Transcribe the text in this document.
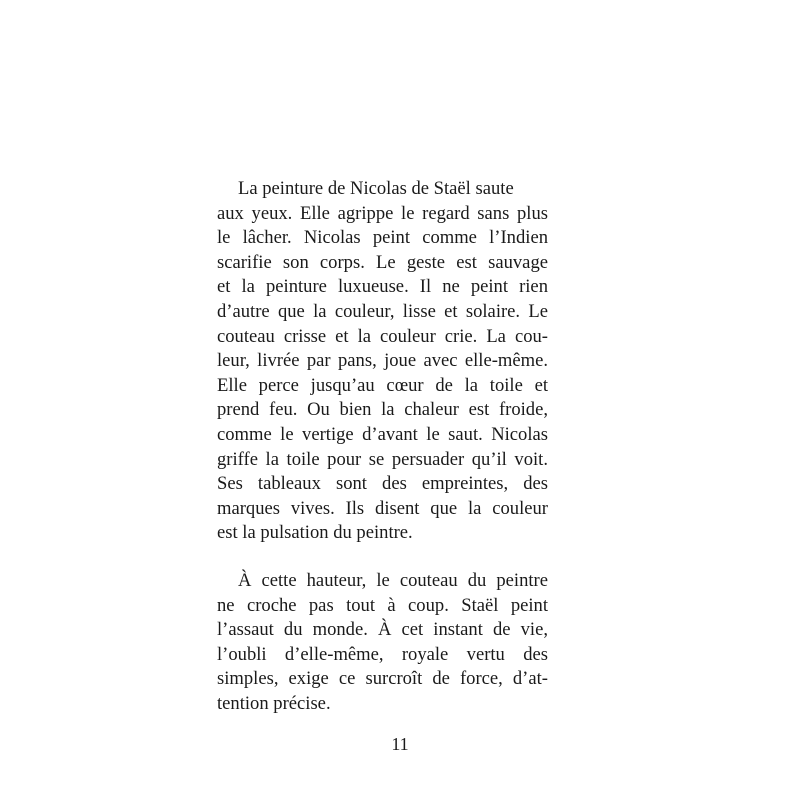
La peinture de Nicolas de Staël saute
aux yeux. Elle agrippe le regard sans plus
le lâcher. Nicolas peint comme l’Indien
scarifie son corps. Le geste est sauvage
et la peinture luxueuse. Il ne peint rien
d’autre que la couleur, lisse et solaire. Le
couteau crisse et la couleur crie. La cou-
leur, livrée par pans, joue avec elle-même.
Elle perce jusqu’au cœur de la toile et
prend feu. Ou bien la chaleur est froide,
comme le vertige d’avant le saut. Nicolas
griffe la toile pour se persuader qu’il voit.
Ses tableaux sont des empreintes, des
marques vives. Ils disent que la couleur
est la pulsation du peintre.
À cette hauteur, le couteau du peintre
ne croche pas tout à coup. Staël peint
l’assaut du monde. À cet instant de vie,
l’oubli d’elle-même, royale vertu des
simples, exige ce surcroît de force, d’at-
tention précise.
11
